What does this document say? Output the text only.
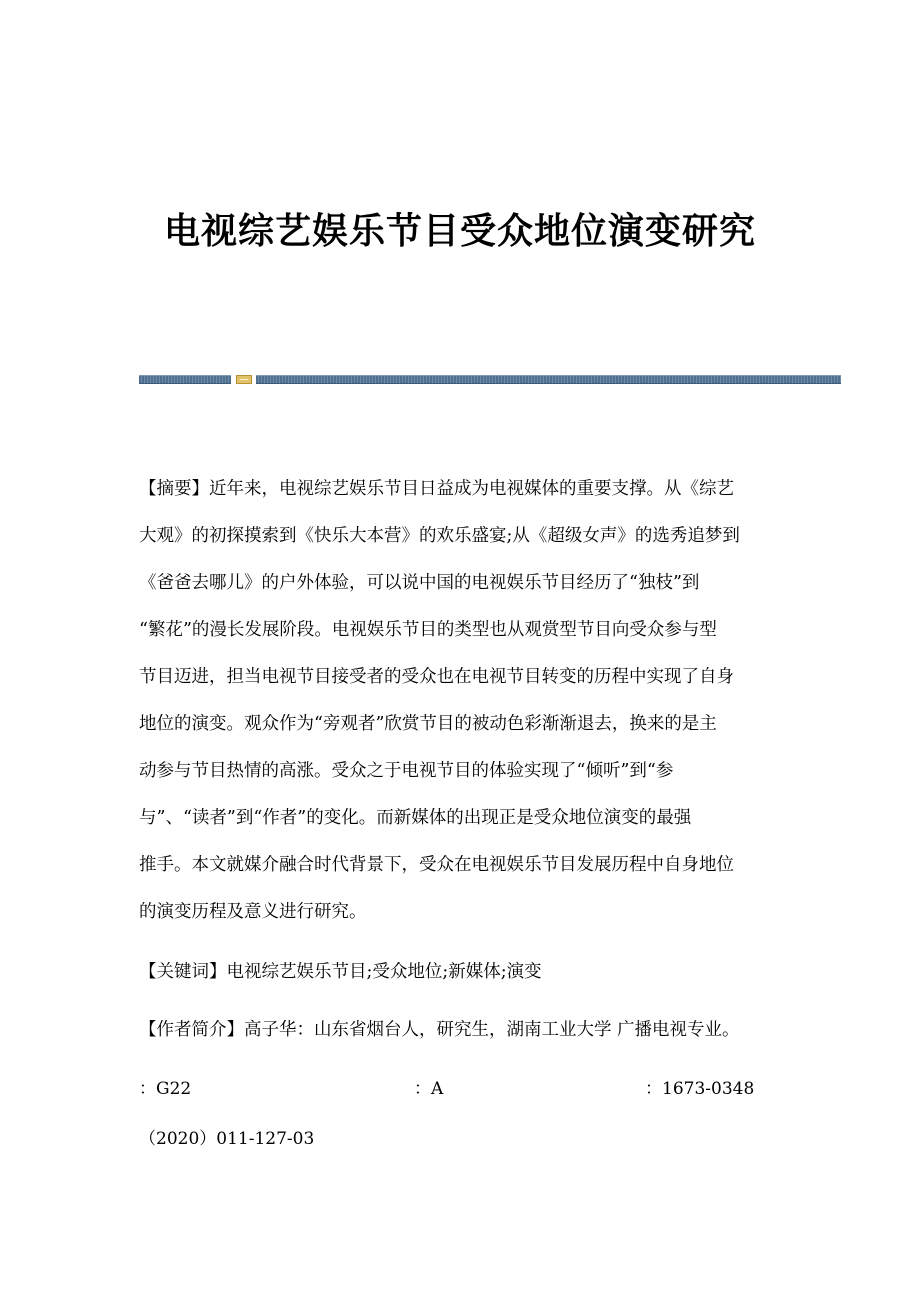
电视综艺娱乐节目受众地位演变研究
【摘要】近年来，电视综艺娱乐节目日益成为电视媒体的重要支撑。从《综艺
大观》的初探摸索到《快乐大本营》的欢乐盛宴;从《超级女声》的选秀追梦到
《爸爸去哪儿》的户外体验，可以说中国的电视娱乐节目经历了“独枝”到
“繁花”的漫长发展阶段。电视娱乐节目的类型也从观赏型节目向受众参与型
节目迈进，担当电视节目接受者的受众也在电视节目转变的历程中实现了自身
地位的演变。观众作为“旁观者”欣赏节目的被动色彩渐渐退去，换来的是主
动参与节目热情的高涨。受众之于电视节目的体验实现了“倾听”到“参
与”、“读者”到“作者”的变化。而新媒体的出现正是受众地位演变的最强
推手。本文就媒介融合时代背景下，受众在电视娱乐节目发展历程中自身地位
的演变历程及意义进行研究。

【关键词】电视综艺娱乐节目;受众地位;新媒体;演变

【作者简介】高子华：山东省烟台人，研究生，湖南工业大学 广播电视专业。

：G22	：A	：1673-0348
（2020）011-127-03
